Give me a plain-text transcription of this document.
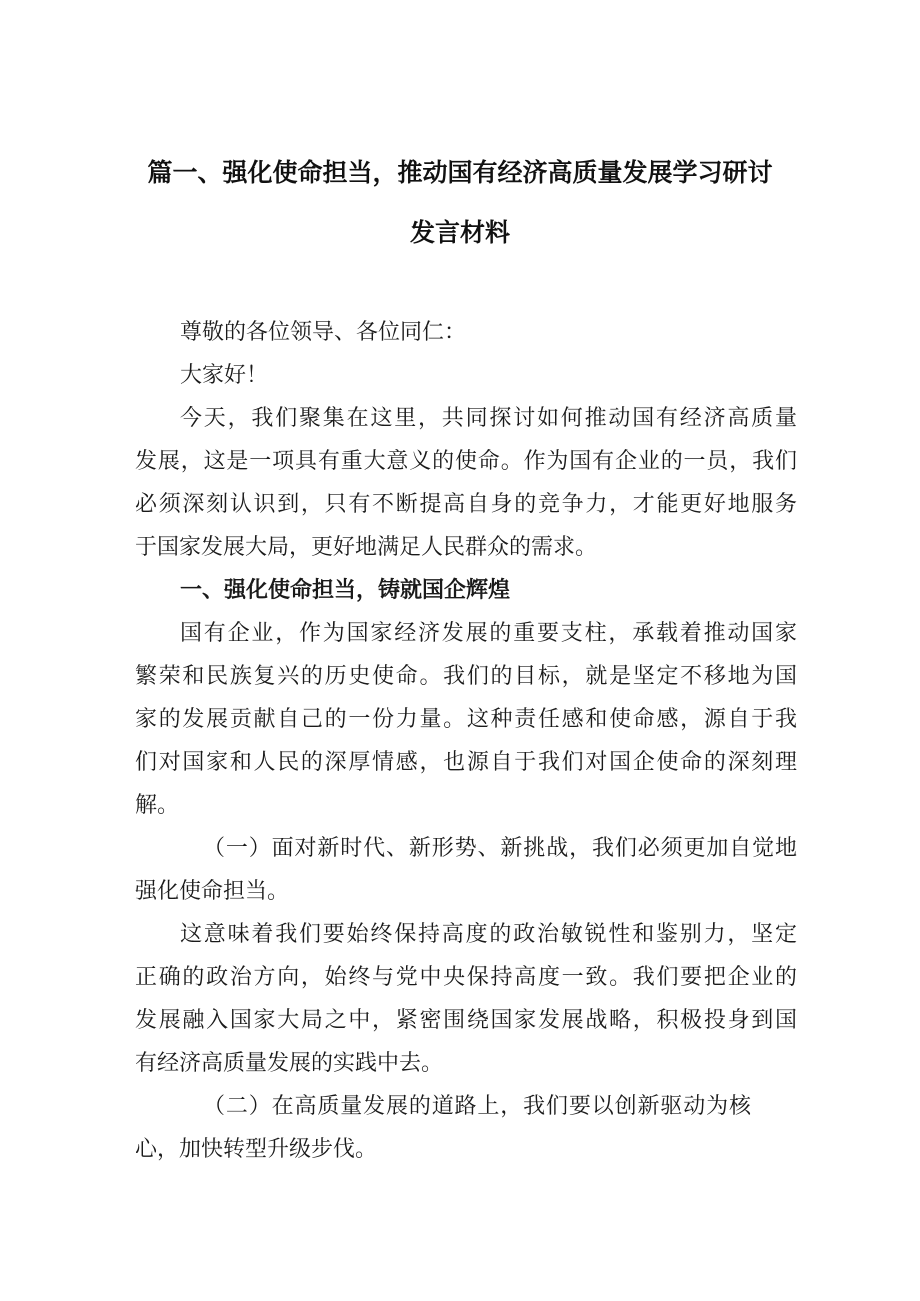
篇一、强化使命担当，推动国有经济高质量发展学习研讨
发言材料

尊敬的各位领导、各位同仁：

大家好！

今天，我们聚集在这里，共同探讨如何推动国有经济高质量

发展，这是一项具有重大意义的使命。作为国有企业的一员，我们

必须深刻认识到，只有不断提高自身的竞争力，才能更好地服务

于国家发展大局，更好地满足人民群众的需求。

一、强化使命担当，铸就国企辉煌

国有企业，作为国家经济发展的重要支柱，承载着推动国家

繁荣和民族复兴的历史使命。我们的目标，就是坚定不移地为国

家的发展贡献自己的一份力量。这种责任感和使命感，源自于我

们对国家和人民的深厚情感，也源自于我们对国企使命的深刻理

解。

（一）面对新时代、新形势、新挑战，我们必须更加自觉地

强化使命担当。

这意味着我们要始终保持高度的政治敏锐性和鉴别力，坚定

正确的政治方向，始终与党中央保持高度一致。我们要把企业的

发展融入国家大局之中，紧密围绕国家发展战略，积极投身到国

有经济高质量发展的实践中去。

（二）在高质量发展的道路上，我们要以创新驱动为核

心，加快转型升级步伐。
